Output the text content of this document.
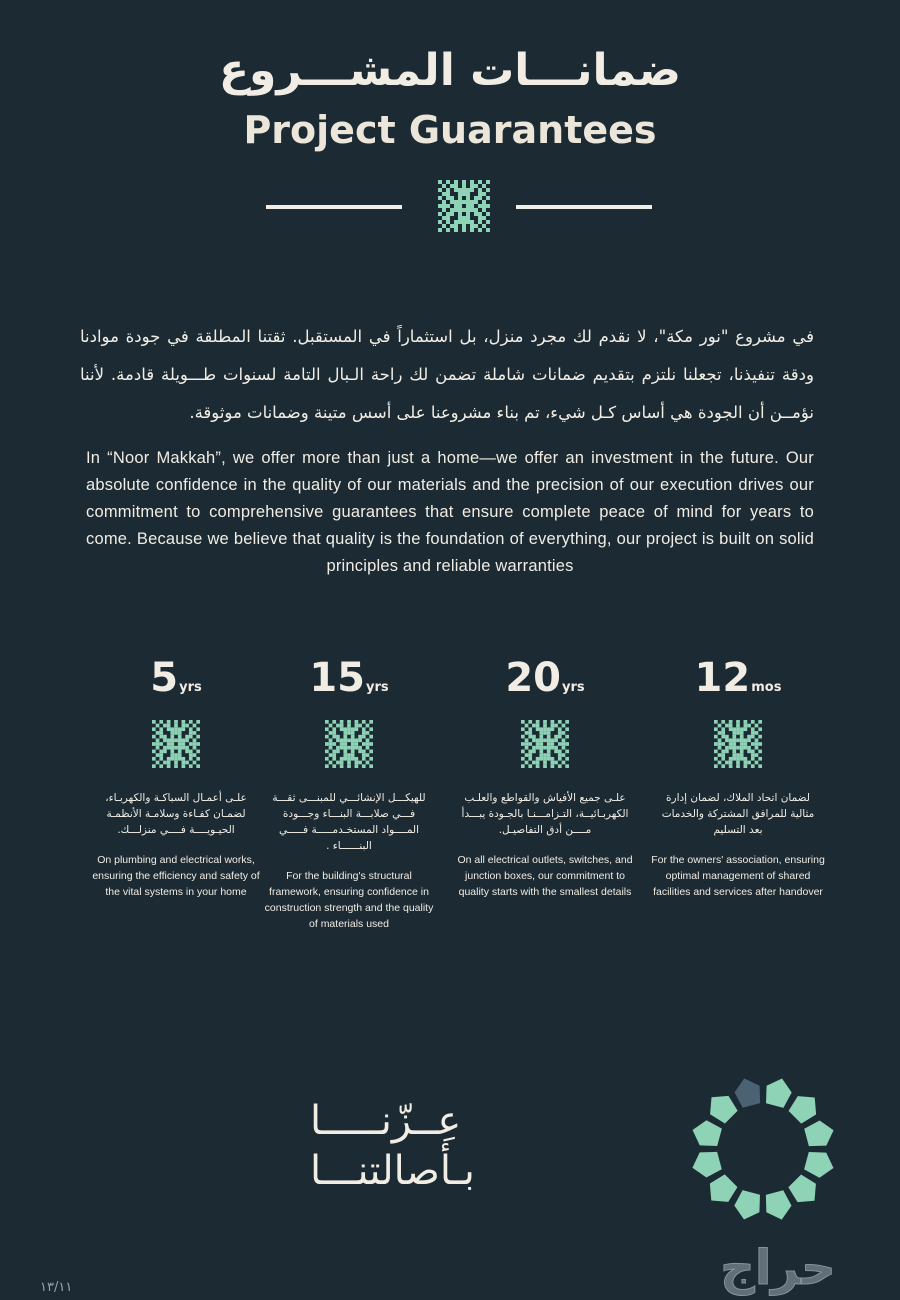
ضمانـــات المشـــروع
Project Guarantees

في مشروع "نور مكة"، لا نقدم لك مجرد منزل، بل استثماراً في المستقبل. ثقتنا المطلقة في جودة موادنا ودقة تنفيذنا، تجعلنا نلتزم بتقديم ضمانات شاملة تضمن لك راحة الـبال التامة لسنوات طـــويلة قادمة. لأننا نؤمــن أن الجودة هي أساس كـل شيء، تم بناء مشروعنا على أسس متينة وضمانات موثوقة.

In “Noor Makkah”, we offer more than just a home—we offer an investment in the future. Our absolute confidence in the quality of our materials and the precision of our execution drives our commitment to comprehensive guarantees that ensure complete peace of mind for years to come. Because we believe that quality is the foundation of everything, our project is built on solid principles and reliable warranties

5yrs
علـى أعمـال السباكـة والكهربـاء، لضمـان كفـاءة وسلامـة الأنظمـة الحيـويــــة فــــي منزلـــك.
On plumbing and electrical works, ensuring the efficiency and safety of the vital systems in your home
15yrs
للهيكـــل الإنشائـــي للمبنـــى ثقـــة فـــي صلابـــة البنـــاء وجـــودة المــــواد المستخـدمـــــة فـــــي البنــــــاء .
For the building's structural framework, ensuring confidence in construction strength and the quality of materials used
20yrs
علـى جميع الأفياش والقواطع والعلـب الكهربـائيــة، التـزامـــنـا بالجـودة يبـــدأ مــــن أدق التفاصيـل.
On all electrical outlets, switches, and junction boxes, our commitment to quality starts with the smallest details
12mos
لضمان اتحاد الملاك، لضمان إدارة مثالية للمرافق المشتركة والخدمات بعد التسليم
For the owners' association, ensuring optimal management of shared facilities and services after handover
عِــزّنـــــا
بـأصالتنـــا
حراج
١٣/١١
